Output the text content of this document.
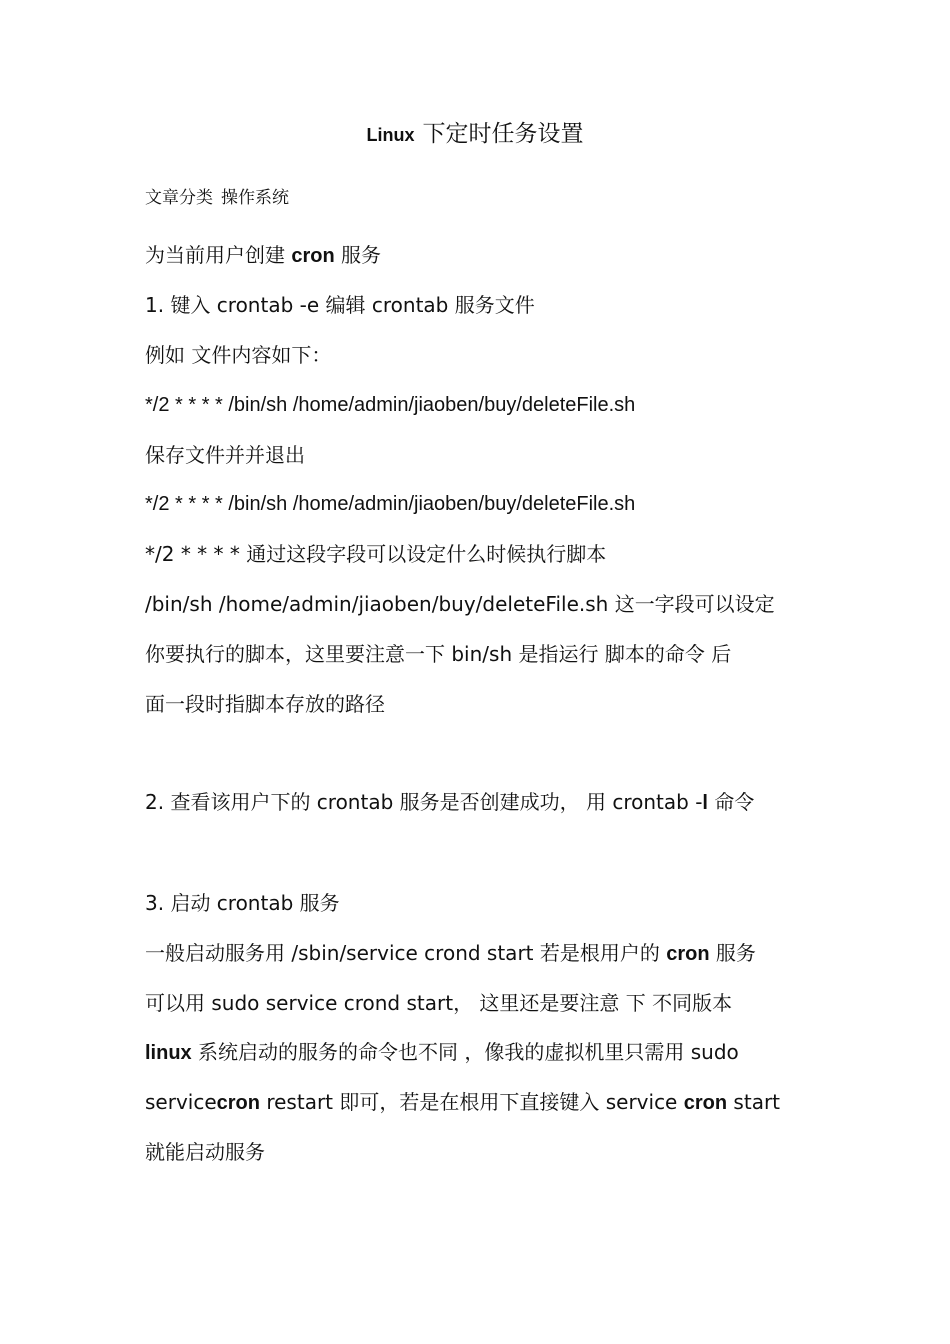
Linux 下定时任务设置
文章分类 操作系统
为当前用户创建 cron 服务
1. 键入 crontab -e 编辑 crontab 服务文件
例如 文件内容如下：
*/2 * * * * /bin/sh /home/admin/jiaoben/buy/deleteFile.sh
保存文件并并退出
*/2 * * * * /bin/sh /home/admin/jiaoben/buy/deleteFile.sh
*/2 * * * * 通过这段字段可以设定什么时候执行脚本
/bin/sh /home/admin/jiaoben/buy/deleteFile.sh 这一字段可以设定
你要执行的脚本，这里要注意一下 bin/sh 是指运行 脚本的命令 后
面一段时指脚本存放的路径
2. 查看该用户下的 crontab 服务是否创建成功， 用 crontab -l 命令
3. 启动 crontab 服务
一般启动服务用 /sbin/service crond start 若是根用户的 cron 服务
可以用 sudo service crond start， 这里还是要注意 下 不同版本
linux 系统启动的服务的命令也不同 ，像我的虚拟机里只需用 sudo
servicecron restart 即可，若是在根用下直接键入 service cron start
就能启动服务
